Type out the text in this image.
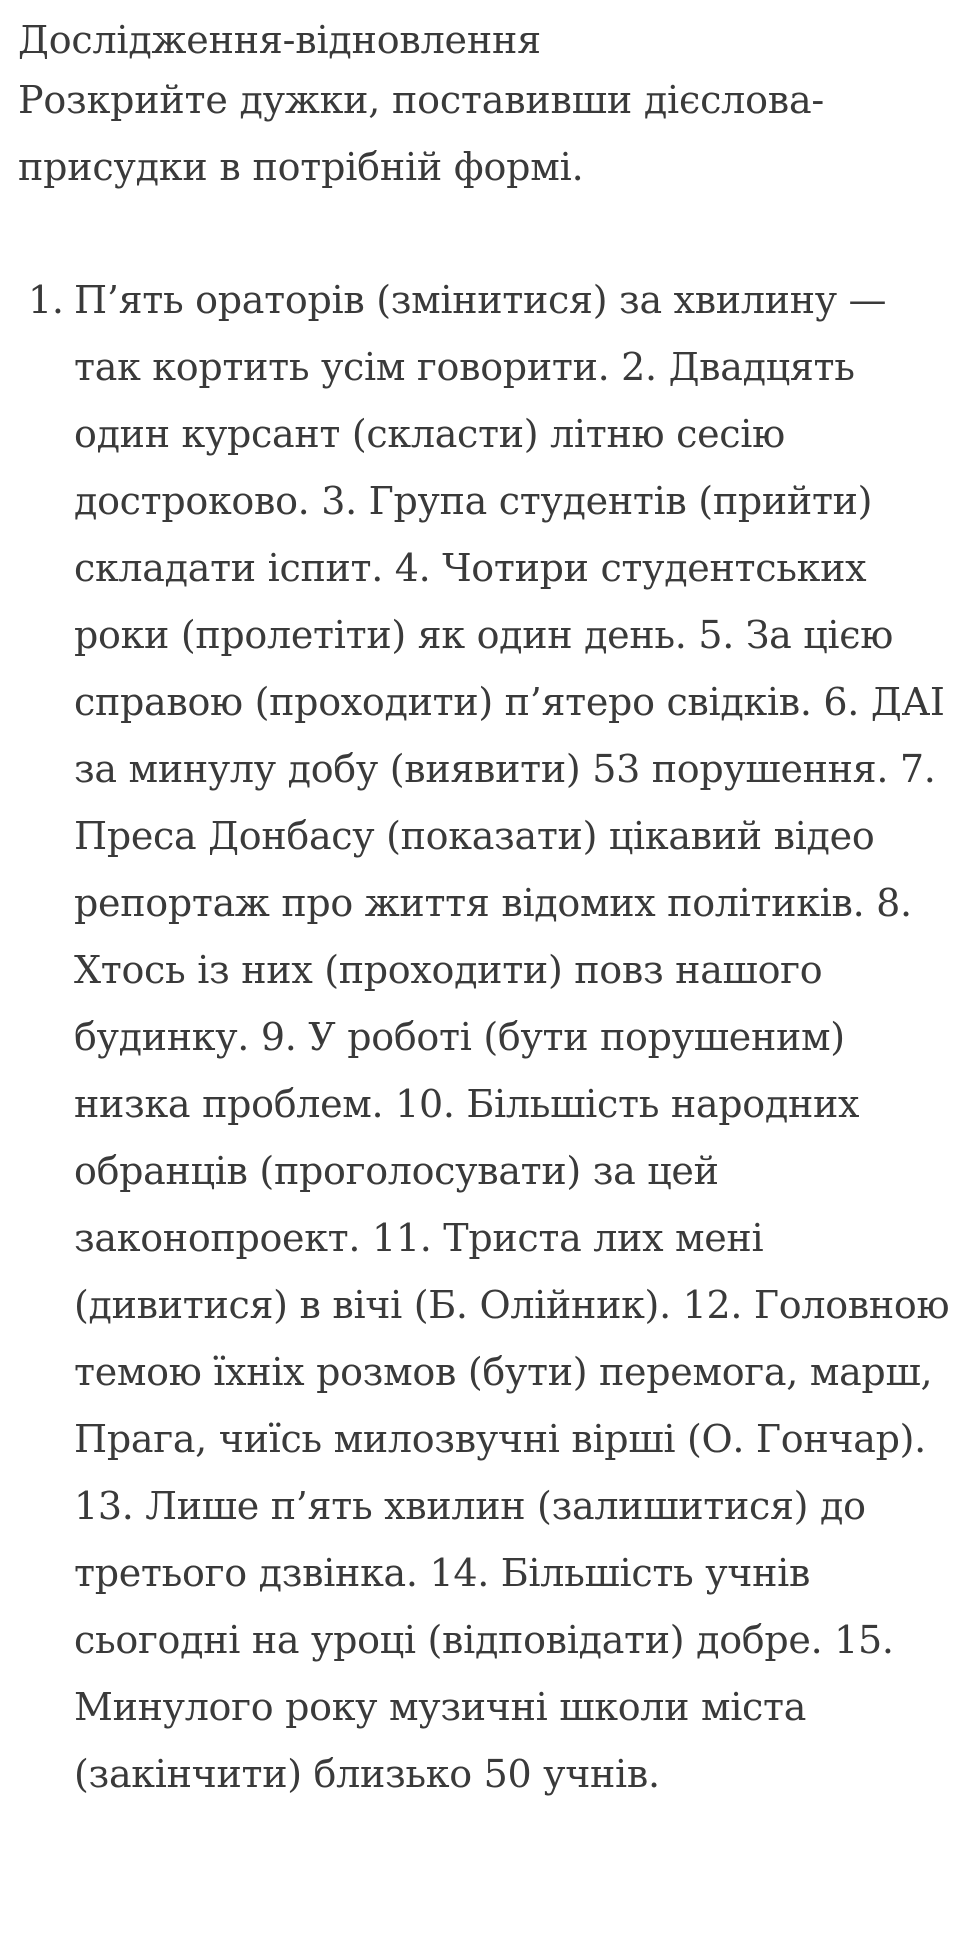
Дослідження-відновлення

Розкрийте дужки, поставивши дієслова-присудки в потрібній формі.

1. П’ять ораторів (змінитися) за хвилину — так кортить усім говорити. 2. Двадцять один курсант (скласти) літню сесію достроково. 3. Група студентів (прийти) складати іспит. 4. Чотири студентських роки (пролетіти) як один день. 5. За цією справою (проходити) п’ятеро свідків. 6. ДАІ за минулу добу (виявити) 53 порушення. 7. Преса Донбасу (показати) цікавий відео репортаж про життя відомих політиків. 8. Хтось із них (проходити) повз нашого будинку. 9. У роботі (бути порушеним) низка проблем. 10. Більшість народних обранців (проголосувати) за цей законопроект. 11. Триста лих мені (дивитися) в вічі (Б. Олійник). 12. Головною темою їхніх розмов (бути) перемога, марш, Прага, чиїсь милозвучні вірші (О. Гончар). 13. Лише п’ять хвилин (залишитися) до третього дзвінка. 14. Більшість учнів сьогодні на уроці (відповідати) добре. 15. Минулого року музичні школи міста (закінчити) близько 50 учнів.
